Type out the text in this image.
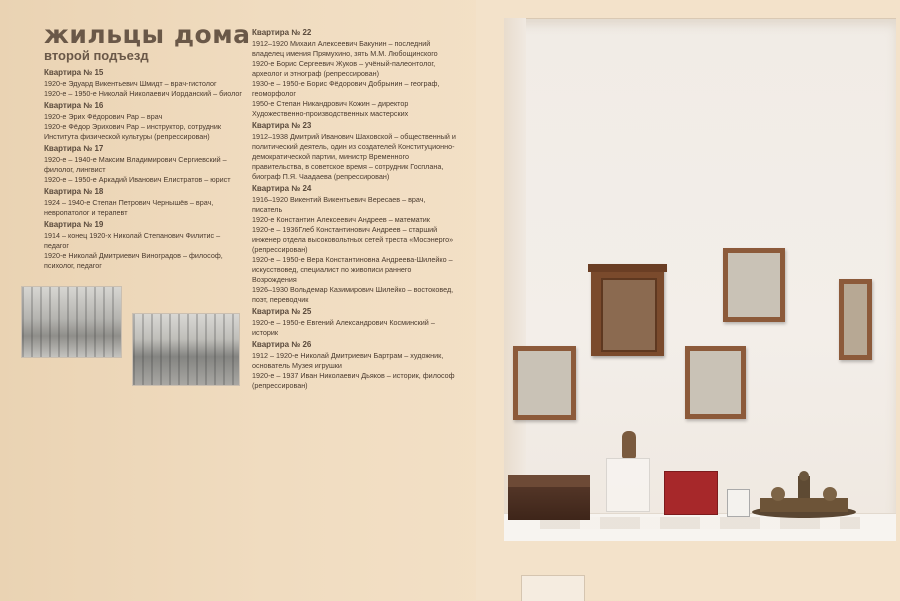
жильцы дома
второй подъезд
Квартира № 15
1920-е Эдуард Викентьевич Шмидт – врач-гистолог
1920-е – 1950-е Николай Николаевич Иорданский – биолог
Квартира № 16
1920-е Эрих Фёдорович Рар – врач
1920-е Фёдор Эрихович Рар – инструктор, сотрудник Института физической культуры (репрессирован)
Квартира № 17
1920-е – 1940-е Максим Владимирович Сергиевский – филолог, лингвист
1920-е – 1950-е Аркадий Иванович Елистратов – юрист
Квартира № 18
1924 – 1940-е Степан Петрович Чернышёв – врач, невропатолог и терапевт
Квартира № 19
1914 – конец 1920-х Николай Степанович Филитис – педагог
1920-е Николай Дмитриевич Виноградов – философ, психолог, педагог
Квартира № 22
1912–1920 Михаил Алексеевич Бакунин – последний владелец имения Прямухино, зять М.М. Любощинского
1920-е Борис Сергеевич Жуков – учёный-палеонтолог, археолог и этнограф (репрессирован)
1930-е – 1950-е Борис Фёдорович Добрынин – географ, геоморфолог
1950-е Степан Никандрович Кожин – директор Художественно-производственных мастерских
Квартира № 23
1912–1938 Дмитрий Иванович Шаховской – общественный и политический деятель, один из создателей Конституционно-демократической партии, министр Временного правительства, в советское время – сотрудник Госплана, биограф П.Я. Чаадаева (репрессирован)
Квартира № 24
1916–1920 Викентий Викентьевич Вересаев – врач, писатель
1920-е Константин Алексеевич Андреев – математик
1920-е – 1936Глеб Константинович Андреев – старший инженер отдела высоковольтных сетей треста «Мосэнерго» (репрессирован)
1920-е – 1950-е Вера Константиновна Андреева-Шилейко – искусствовед, специалист по живописи раннего Возрождения
1926–1930 Вольдемар Казимирович Шилейко – востоковед, поэт, переводчик
Квартира № 25
1920-е – 1950-е Евгений Александрович Косминский – историк
Квартира № 26
1912 – 1920-е Николай Дмитриевич Бартрам – художник, основатель Музея игрушки
1920-е – 1937 Иван Николаевич Дьяков – историк, философ (репрессирован)
